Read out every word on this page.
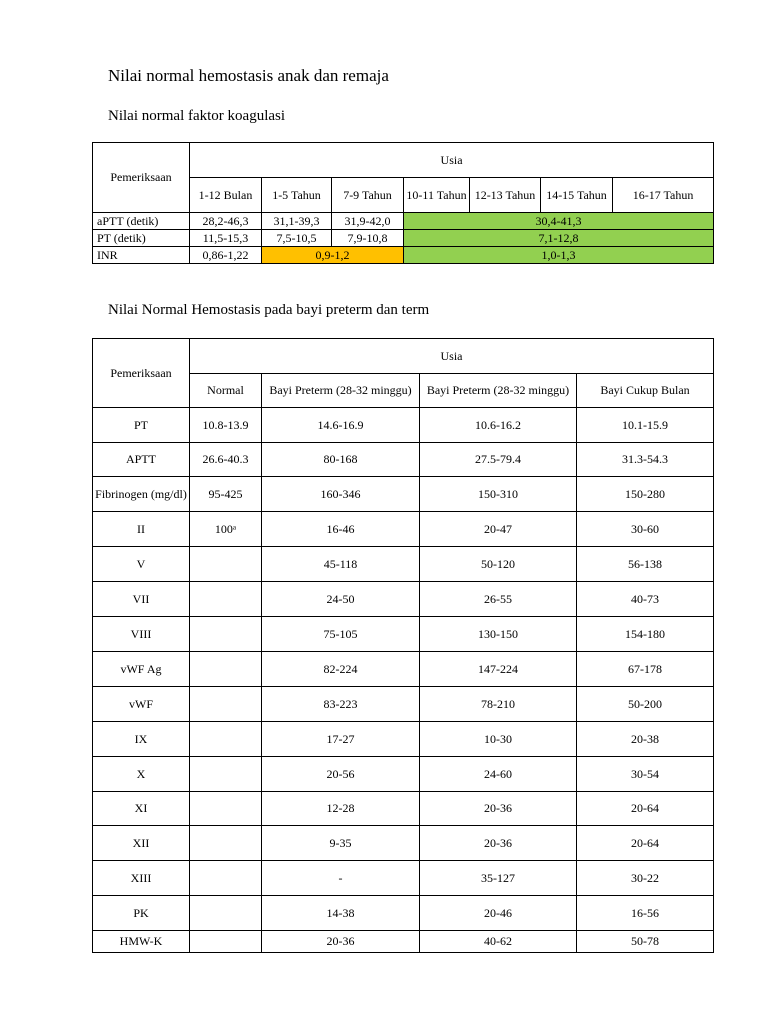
Nilai normal hemostasis anak dan remaja
Nilai normal faktor koagulasi
Pemeriksaan	Usia						
	1-12 Bulan	1-5 Tahun	7-9 Tahun	10-11 Tahun	12-13 Tahun	14-15 Tahun	16-17 Tahun
aPTT (detik)	28,2-46,3	31,1-39,3	31,9-42,0	30,4-41,3			
PT (detik)	11,5-15,3	7,5-10,5	7,9-10,8	7,1-12,8			
INR	0,86-1,22	0,9-1,2		1,0-1,3			
Nilai Normal Hemostasis pada bayi preterm dan term
Pemeriksaan	Usia			
	Normal	Bayi Preterm (28-32 minggu)	Bayi Preterm (28-32 minggu)	Bayi Cukup Bulan
PT	10.8-13.9	14.6-16.9	10.6-16.2	10.1-15.9
APTT	26.6-40.3	80-168	27.5-79.4	31.3-54.3
Fibrinogen (mg/dl)	95-425	160-346	150-310	150-280
II	100ᵃ	16-46	20-47	30-60
V		45-118	50-120	56-138
VII		24-50	26-55	40-73
VIII		75-105	130-150	154-180
vWF Ag		82-224	147-224	67-178
vWF		83-223	78-210	50-200
IX		17-27	10-30	20-38
X		20-56	24-60	30-54
XI		12-28	20-36	20-64
XII		9-35	20-36	20-64
XIII		-	35-127	30-22
PK		14-38	20-46	16-56
HMW-K		20-36	40-62	50-78
